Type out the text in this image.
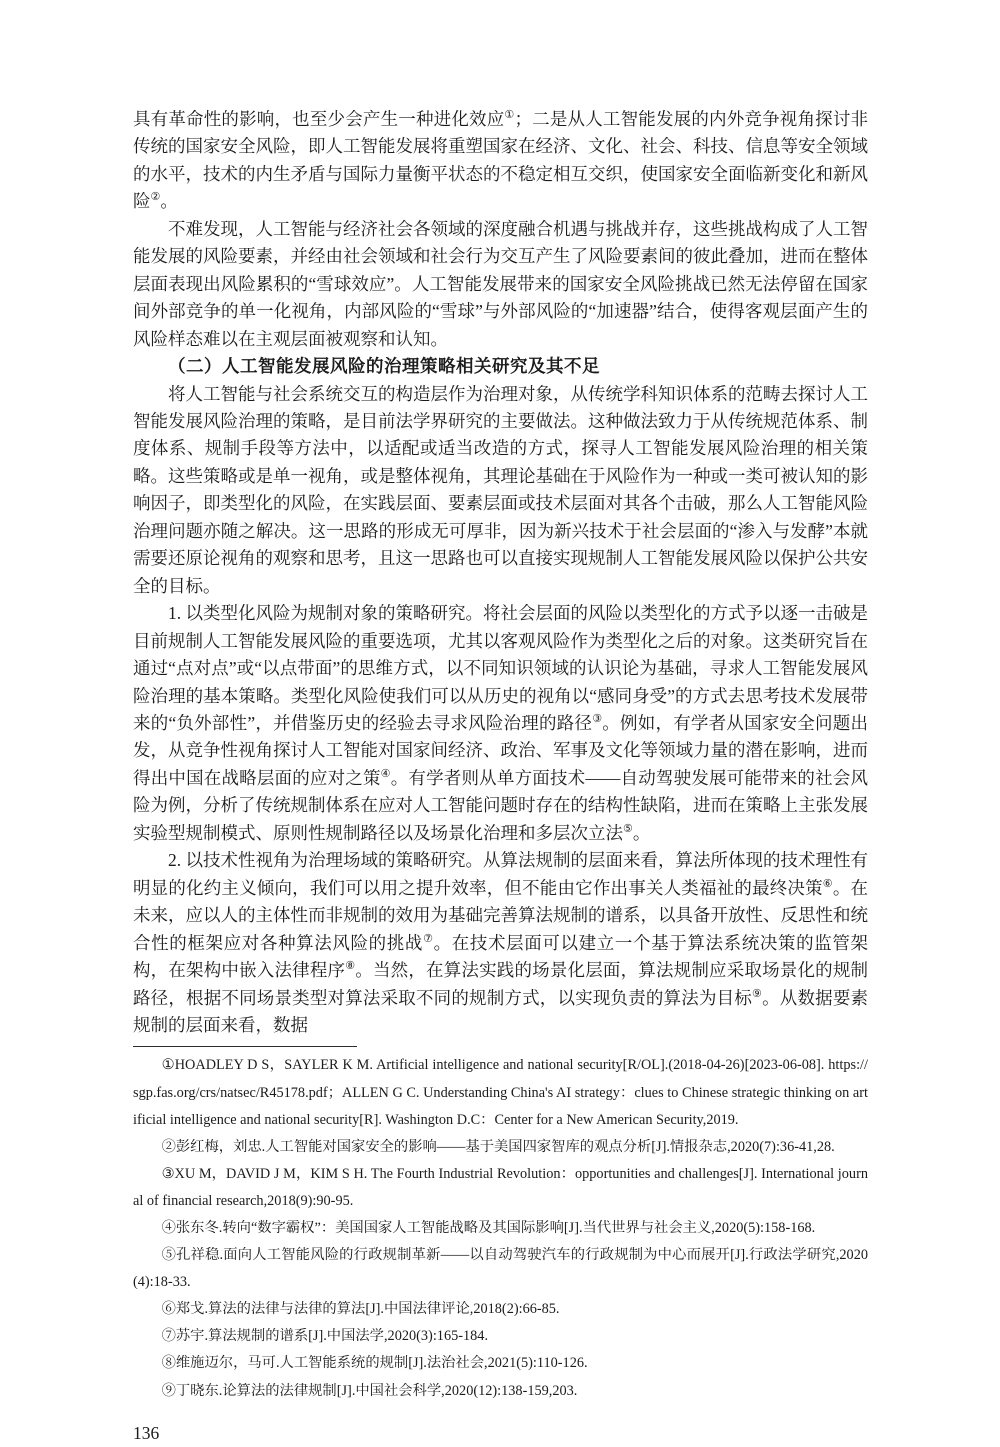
具有革命性的影响，也至少会产生一种进化效应①；二是从人工智能发展的内外竞争视角探讨非传统的国家安全风险，即人工智能发展将重塑国家在经济、文化、社会、科技、信息等安全领域的水平，技术的内生矛盾与国际力量衡平状态的不稳定相互交织，使国家安全面临新变化和新风险②。

不难发现，人工智能与经济社会各领域的深度融合机遇与挑战并存，这些挑战构成了人工智能发展的风险要素，并经由社会领域和社会行为交互产生了风险要素间的彼此叠加，进而在整体层面表现出风险累积的“雪球效应”。人工智能发展带来的国家安全风险挑战已然无法停留在国家间外部竞争的单一化视角，内部风险的“雪球”与外部风险的“加速器”结合，使得客观层面产生的风险样态难以在主观层面被观察和认知。

（二）人工智能发展风险的治理策略相关研究及其不足

将人工智能与社会系统交互的构造层作为治理对象，从传统学科知识体系的范畴去探讨人工智能发展风险治理的策略，是目前法学界研究的主要做法。这种做法致力于从传统规范体系、制度体系、规制手段等方法中，以适配或适当改造的方式，探寻人工智能发展风险治理的相关策略。这些策略或是单一视角，或是整体视角，其理论基础在于风险作为一种或一类可被认知的影响因子，即类型化的风险，在实践层面、要素层面或技术层面对其各个击破，那么人工智能风险治理问题亦随之解决。这一思路的形成无可厚非，因为新兴技术于社会层面的“渗入与发酵”本就需要还原论视角的观察和思考，且这一思路也可以直接实现规制人工智能发展风险以保护公共安全的目标。

1. 以类型化风险为规制对象的策略研究。将社会层面的风险以类型化的方式予以逐一击破是目前规制人工智能发展风险的重要选项，尤其以客观风险作为类型化之后的对象。这类研究旨在通过“点对点”或“以点带面”的思维方式，以不同知识领域的认识论为基础，寻求人工智能发展风险治理的基本策略。类型化风险使我们可以从历史的视角以“感同身受”的方式去思考技术发展带来的“负外部性”，并借鉴历史的经验去寻求风险治理的路径③。例如，有学者从国家安全问题出发，从竞争性视角探讨人工智能对国家间经济、政治、军事及文化等领域力量的潜在影响，进而得出中国在战略层面的应对之策④。有学者则从单方面技术——自动驾驶发展可能带来的社会风险为例，分析了传统规制体系在应对人工智能问题时存在的结构性缺陷，进而在策略上主张发展实验型规制模式、原则性规制路径以及场景化治理和多层次立法⑤。

2. 以技术性视角为治理场域的策略研究。从算法规制的层面来看，算法所体现的技术理性有明显的化约主义倾向，我们可以用之提升效率，但不能由它作出事关人类福祉的最终决策⑥。在未来，应以人的主体性而非规制的效用为基础完善算法规制的谱系，以具备开放性、反思性和统合性的框架应对各种算法风险的挑战⑦。在技术层面可以建立一个基于算法系统决策的监管架构，在架构中嵌入法律程序⑧。当然，在算法实践的场景化层面，算法规制应采取场景化的规制路径，根据不同场景类型对算法采取不同的规制方式，以实现负责的算法为目标⑨。从数据要素规制的层面来看，数据

①HOADLEY D S，SAYLER K M. Artificial intelligence and national security[R/OL].(2018-04-26)[2023-06-08]. https://sgp.fas.org/crs/natsec/R45178.pdf；ALLEN G C. Understanding China's AI strategy：clues to Chinese strategic thinking on artificial intelligence and national security[R]. Washington D.C：Center for a New American Security,2019.

②彭红梅，刘忠.人工智能对国家安全的影响——基于美国四家智库的观点分析[J].情报杂志,2020(7):36-41,28.

③XU M，DAVID J M，KIM S H. The Fourth Industrial Revolution：opportunities and challenges[J]. International journal of financial research,2018(9):90-95.

④张东冬.转向“数字霸权”：美国国家人工智能战略及其国际影响[J].当代世界与社会主义,2020(5):158-168.

⑤孔祥稳.面向人工智能风险的行政规制革新——以自动驾驶汽车的行政规制为中心而展开[J].行政法学研究,2020(4):18-33.

⑥郑戈.算法的法律与法律的算法[J].中国法律评论,2018(2):66-85.

⑦苏宇.算法规制的谱系[J].中国法学,2020(3):165-184.

⑧维施迈尔，马可.人工智能系统的规制[J].法治社会,2021(5):110-126.

⑨丁晓东.论算法的法律规制[J].中国社会科学,2020(12):138-159,203.

136
